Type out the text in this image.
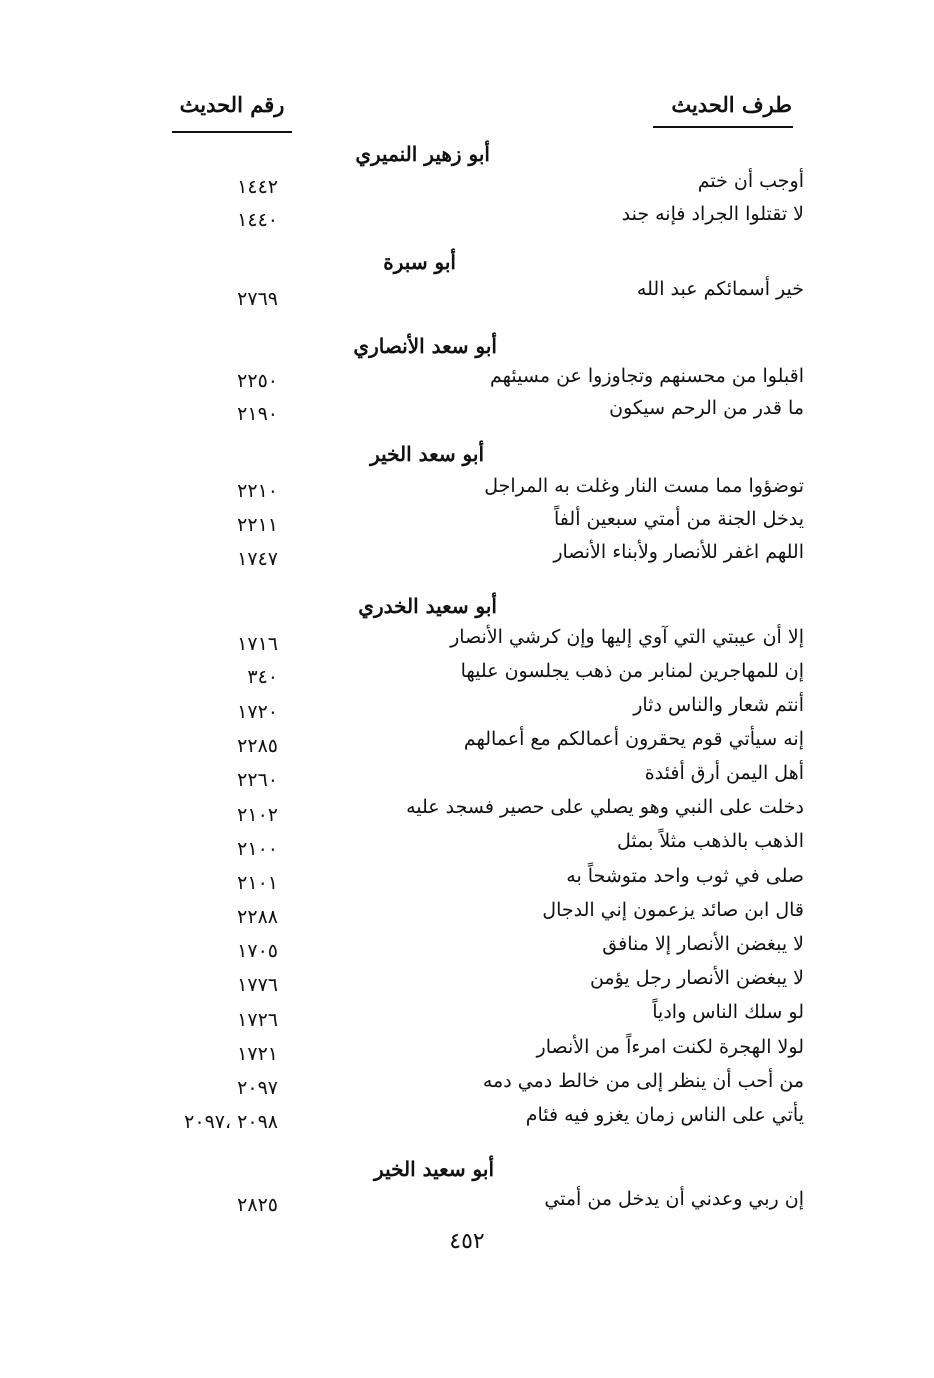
طرف الحديث
رقم الحديث
أبو زهير النميري
أوجب أن ختم
١٤٤٢
لا تقتلوا الجراد فإنه جند
١٤٤٠
أبو سبرة
خير أسمائكم عبد الله
٢٧٦٩
أبو سعد الأنصاري
اقبلوا من محسنهم وتجاوزوا عن مسيئهم
٢٢٥٠
ما قدر من الرحم سيكون
٢١٩٠
أبو سعد الخير
توضؤوا مما مست النار وغلت به المراجل
٢٢١٠
يدخل الجنة من أمتي سبعين ألفاً
٢٢١١
اللهم اغفر للأنصار ولأبناء الأنصار
١٧٤٧
أبو سعيد الخدري
إلا أن عيبتي التي آوي إليها وإن كرشي الأنصار
١٧١٦
إن للمهاجرين لمنابر من ذهب يجلسون عليها
٣٤٠
أنتم شعار والناس دثار
١٧٢٠
إنه سيأتي قوم يحقرون أعمالكم مع أعمالهم
٢٢٨٥
أهل اليمن أرق أفئدة
٢٢٦٠
دخلت على النبي وهو يصلي على حصير فسجد عليه
٢١٠٢
الذهب بالذهب مثلاً بمثل
٢١٠٠
صلى في ثوب واحد متوشحاً به
٢١٠١
قال ابن صائد يزعمون إني الدجال
٢٢٨٨
لا يبغضن الأنصار إلا منافق
١٧٠٥
لا يبغضن الأنصار رجل يؤمن
١٧٧٦
لو سلك الناس وادياً
١٧٢٦
لولا الهجرة لكنت امرءاً من الأنصار
١٧٢١
من أحب أن ينظر إلى من خالط دمي دمه
٢٠٩٧
يأتي على الناس زمان يغزو فيه فئام
٢٠٩٨ ،٢٠٩٧
أبو سعيد الخير
إن ربي وعدني أن يدخل من أمتي
٢٨٢٥
٤٥٢
